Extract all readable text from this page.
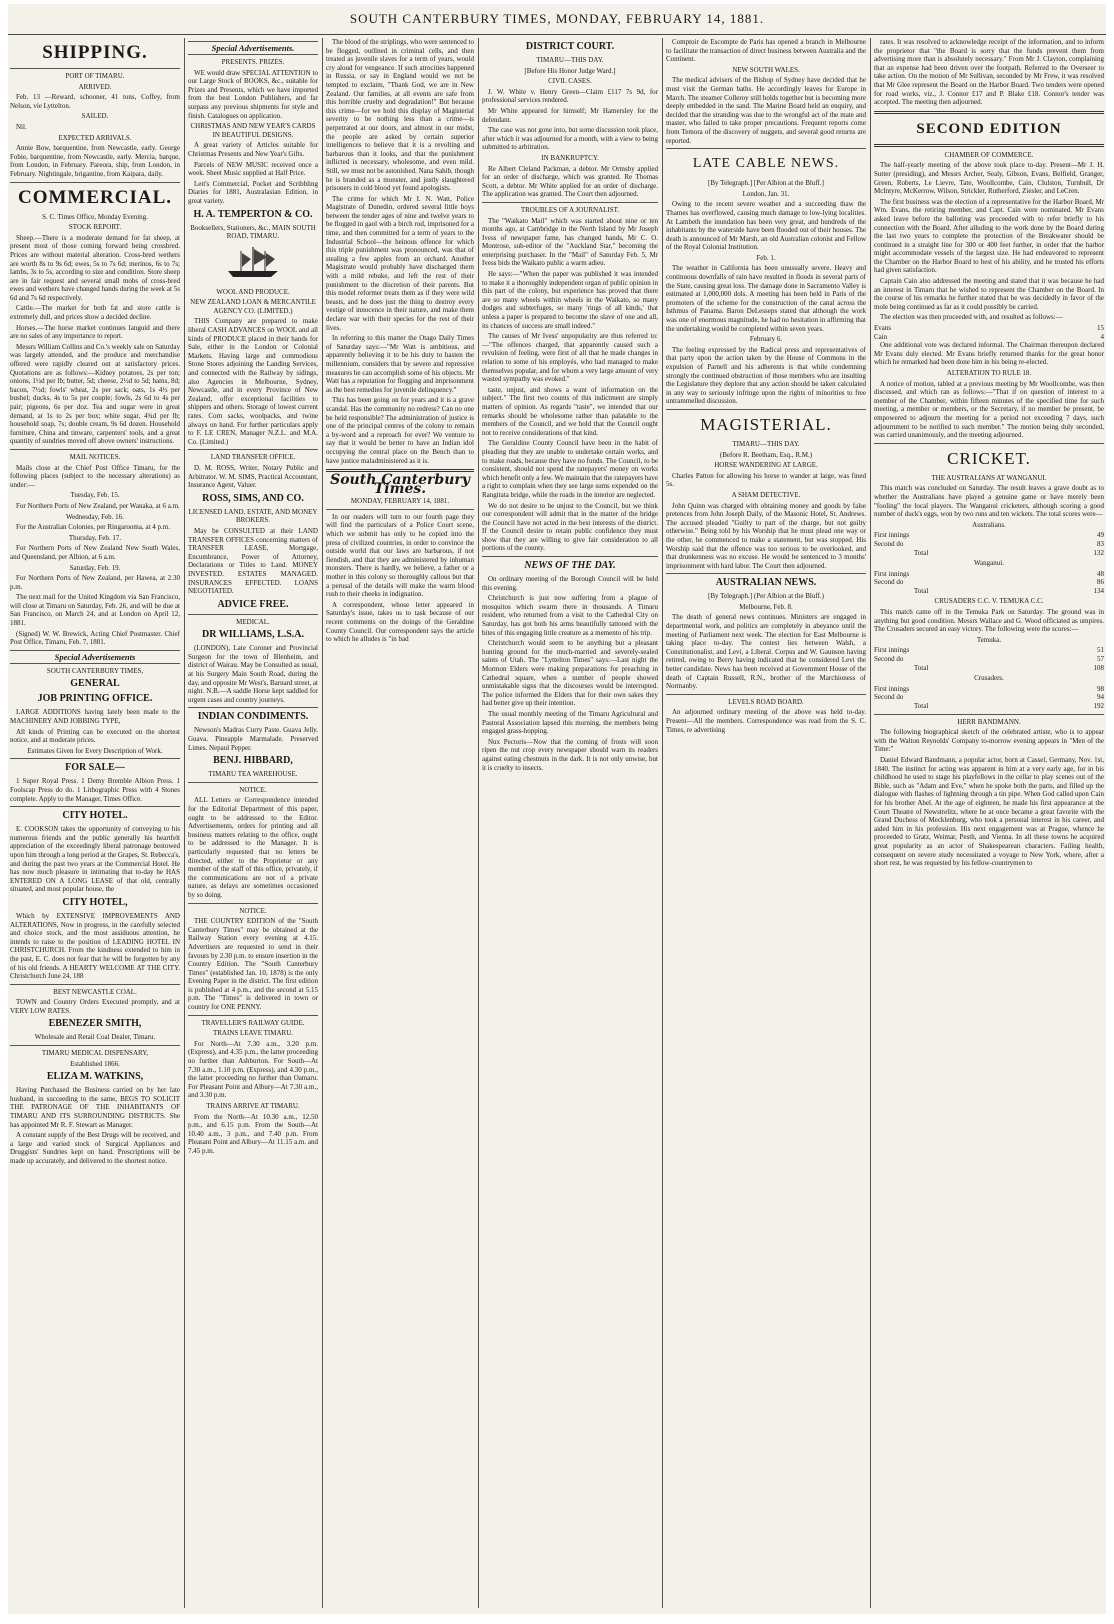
SOUTH CANTERBURY TIMES, MONDAY, FEBRUARY 14, 1881.
SHIPPING.
PORT OF TIMARU.
ARRIVED.

Feb. 13 —Reward, schooner, 41 tons, Coffey, from Nelson, vie Lyttelton.

SAILED.

Nil.

EXPECTED ARRIVALS.

Annie Bow, barquentine, from Newcastle, early. George Fobie, barquentine, from Newcastle, early. Mercia, barque, from London, in February. Pareora, ship, from London, in February. Nightingale, brigantine, from Kaipara, daily.

COMMERCIAL.
S. C. Times Office, Monday Evening.
STOCK REPORT.

Sheep.—There is a moderate demand for fat sheep, at present most of those coming forward being crossbred. Prices are without material alteration. Cross-bred wethers are worth 8s to 9s 6d; ewes, 5s to 7s 6d; merinos, 6s to 7s; lambs, 3s to 5s, according to size and condition. Store sheep are in fair request and several small mobs of cross-bred ewes and wethers have changed hands during the week at 5s 6d and 7s 6d respectively.

Cattle.—The market for both fat and store cattle is extremely dull, and prices show a decided decline.

Horses.—The horse market continues languid and there are no sales of any importance to report.

Messrs William Collins and Co.'s weekly sale on Saturday was largely attended, and the produce and merchandise offered were rapidly cleared out at satisfactory prices. Quotations are as follows:—Kidney potatoes, 2s per ton; onions, 1½d per lb; butter, 5d; cheese, 2½d to 5d; hams, 8d; bacon, 7½d; fowls' wheat, 2s per sack; oats, 1s 4½ per bushel; ducks, 4s to 5s per couple; fowls, 2s 6d to 4s per pair; pigeons, 6s per doz. Tea and sugar were in great demand, at 1s to 2s per box; white sugar, 4¾d per lb; household soap, 7s; double cream, 9s 6d dozen. Household furniture, China and tinware, carpenters' tools, and a great quantity of sundries moved off above owners' instructions.

MAIL NOTICES.

Mails close at the Chief Post Office Timaru, for the following places (subject to the necessary alterations) as under:—

Tuesday, Feb. 15.

For Northern Ports of New Zealand, per Wanaka, at 6 a.m.

Wednesday, Feb. 16.

For the Australian Colonies, per Ringarooma, at 4 p.m.

Thursday, Feb. 17.

For Northern Ports of New Zealand New South Wales, and Queensland, per Albion, at 6 a.m.

Saturday, Feb. 19.

For Northern Ports of New Zealand, per Hawea, at 2.30 p.m.

The next mail for the United Kingdom via San Francisco, will close at Timaru on Saturday, Feb. 26, and will be due at San Francisco, on March 24, and at London on April 12, 1881.

(Signed) W. W. Brewick, Acting Chief Postmaster. Chief Post Office, Timaru, Feb. 7, 1881.

Special Advertisements
SOUTH CANTERBURY TIMES,
GENERAL
JOB PRINTING OFFICE.

LARGE ADDITIONS having lately been made to the MACHINERY AND JOBBING TYPE,

All kinds of Printing can be executed on the shortest notice, and at moderate prices.

Estimates Given for Every Description of Work.
FOR SALE—

1 Super Royal Press. 1 Demy Bremble Albion Press. 1 Foolscap Press do do. 1 Lithographic Press with 4 Stones complete. Apply to the Manager, Times Office.

CITY HOTEL.

E. COOKSON takes the opportunity of conveying to his numerous friends and the public generally his heartfelt appreciation of the exceedingly liberal patronage bestowed upon him through a long period at the Grapes, St. Rebecca's, and during the past two years at the Commercial Hotel. He has now much pleasure in intimating that to-day he HAS ENTERED ON A LONG LEASE of that old, centrally situated, and most popular house, the

CITY HOTEL,

Which by EXTENSIVE IMPROVEMENTS AND ALTERATIONS, Now in progress, in the carefully selected and choice stock, and the most assiduous attention, he intends to raise to the position of LEADING HOTEL IN CHRISTCHURCH. From the kindness extended to him in the past, E. C. does not fear that he will be forgotten by any of his old friends. A HEARTY WELCOME AT THE CITY. Christchurch June 24, 188

BEST NEWCASTLE COAL.

TOWN and Country Orders Executed promptly, and at VERY LOW RATES.

EBENEZER SMITH,
Wholesale and Retail Coal Dealer, Timaru.
TIMARU MEDICAL DISPENSARY,
Established 1866.
ELIZA M. WATKINS,

Having Purchased the Business carried on by her late husband, in succeeding to the same, BEGS TO SOLICIT THE PATRONAGE OF THE INHABITANTS OF TIMARU AND ITS SURROUNDING DISTRICTS. She has appointed Mr R. F. Stewart as Manager.

A constant supply of the Best Drugs will be received, and a large and varied stock of Surgical Appliances and Druggists' Sundries kept on hand. Prescriptions will be made up accurately, and delivered to the shortest notice.

Special Advertisements.
PRESENTS. PRIZES.

WE would draw SPECIAL ATTENTION to our Large Stock of BOOKS, &c., suitable for Prizes and Presents, which we have imported from the best London Publishers, and far surpass any previous shipments for style and finish. Catalogues on application.

CHRISTMAS AND NEW YEAR'S CARDS IN BEAUTIFUL DESIGNS.

A great variety of Articles suitable for Christmas Presents and New Year's Gifts.

Parcels of NEW MUSIC received once a week. Sheet Music supplied at Half Price.

Lett's Commercial, Pocket and Scribbling Diaries for 1881, Australasian Edition, in great variety.

H. A. TEMPERTON & CO.
Booksellers, Stationers, &c., MAIN SOUTH ROAD, TIMARU.
WOOL AND PRODUCE.
NEW ZEALAND LOAN & MERCANTILE AGENCY CO. (LIMITED.)

THIS Company are prepared to make liberal CASH ADVANCES on WOOL and all kinds of PRODUCE placed in their hands for Sale, either in the London or Colonial Markets. Having large and commodious Stone Stores adjoining the Landing Services, and connected with the Railway by sidings, also Agencies in Melbourne, Sydney, Newcastle, and in every Province of New Zealand, offer exceptional facilities to shippers and others. Storage of lowest current rates. Corn sacks, woolpacks, and twine always on hand. For further particulars apply to F. LE CREN, Manager N.Z.L. and M.A. Co. (Limited.)

LAND TRANSFER OFFICE.

D. M. ROSS, Writer, Notary Public and Arbitrator. W. M. SIMS, Practical Accountant, Insurance Agent, Valuer.

ROSS, SIMS, AND CO.
LICENSED LAND, ESTATE, AND MONEY BROKERS.

May be CONSULTED at their LAND TRANSFER OFFICES concerning matters of TRANSFER LEASE, Mortgage, Encumbrance, Power of Attorney, Declarations or Titles to Land. MONEY INVESTED. ESTATES MANAGED. INSURANCES EFFECTED. LOANS NEGOTIATED.

ADVICE FREE.
MEDICAL.
DR WILLIAMS, L.S.A.

(LONDON), Late Coroner and Provincial Surgeon for the town of Blenheim, and district of Wairau. May be Consulted as usual, at his Surgery Main South Road, during the day, and opposite Mr West's, Barnard street, at night. N.B.—A saddle Horse kept saddled for urgent cases and country journeys.

INDIAN CONDIMENTS.

Newson's Madras Curry Paste. Guava Jelly. Guava. Pineapple Marmalade. Preserved Limes. Nepaul Pepper.

BENJ. HIBBARD,
TIMARU TEA WAREHOUSE.
NOTICE.

ALL Letters or Correspondence intended for the Editorial Department of this paper, ought to be addressed to the Editor. Advertisements, orders for printing and all business matters relating to the office, ought to be addressed to the Manager. It is particularly requested that no letters be directed, either to the Proprietor or any member of the staff of this office, privately, if the communications are not of a private nature, as delays are sometimes occasioned by so doing.

NOTICE.

THE COUNTRY EDITION of the "South Canterbury Times" may be obtained at the Railway Station every evening at 4.15. Advertisers are requested to send in their favours by 2.30 p.m. to ensure insertion in the Country Edition. The "South Canterbury Times" (established Jan. 10, 1878) is the only Evening Paper in the district. The first edition is published at 4 p.m., and the second at 5.15 p.m. The "Times" is delivered in town or country for ONE PENNY.

TRAVELLER'S RAILWAY GUIDE.
TRAINS LEAVE TIMARU.

For North—At 7.30 a.m., 3.20 p.m. (Express), and 4.35 p.m., the latter proceeding no further than Ashburton. For South—At 7.30 a.m., 1.10 p.m. (Express), and 4.30 p.m., the latter proceeding no further than Oamaru. For Pleasant Point and Albury—At 7.30 a.m., and 3.30 p.m.

TRAINS ARRIVE AT TIMARU.

From the North—At 10.30 a.m., 12.50 p.m., and 6.15 p.m. From the South—At 10.40 a.m., 3 p.m., and 7.40 p.m. From Pleasant Point and Albury—At 11.15 a.m. and 7.45 p.m.

The blood of the striplings, who were sentenced to be flogged, outlined in criminal cells, and then treated as juvenile slaves for a term of years, would cry aloud for vengeance. If such atrocities happened in Russia, or say in England would we not be tempted to exclaim, "Thank God, we are in New Zealand. Our families, at all events are safe from this horrible cruelty and degradation!" But because this crime—for we hold this display of Magisterial severity to be nothing less than a crime—is perpetrated at our doors, and almost in our midst, the people are asked by certain superior intelligences to believe that it is a revolting and barbarous than it looks, and that the punishment inflicted is necessary, wholesome, and even mild. Still, we must not be astonished. Nana Sahib, though he is branded as a monster, and justly slaughtered prisoners in cold blood yet found apologists.

The crime for which Mr I. N. Watt, Police Magistrate of Dunedin, ordered several little boys between the tender ages of nine and twelve years to be flogged in gaol with a birch rod, imprisoned for a time, and then committed for a term of years to the Industrial School—the heinous offence for which this triple punishment was pronounced, was that of stealing a few apples from an orchard. Another Magistrate would probably have discharged them with a mild rebuke, and left the rest of their punishment to the discretion of their parents. But this model reformer treats them as if they were wild beasts, and he does just the thing to destroy every vestige of innocence in their nature, and make them declare war with their species for the rest of their lives.

In referring to this matter the Otago Daily Times of Saturday says:—"Mr Watt is ambitious, and apparently believing it to be his duty to hasten the millennium, considers that by severe and repressive measures he can accomplish some of his objects. Mr Watt has a reputation for flogging and imprisonment as the best remedies for juvenile delinquency."

This has been going on for years and it is a grave scandal. Has the community no redress? Can no one be held responsible? The administration of justice is one of the principal centres of the colony to remain a by-word and a reproach for ever? We venture to say that it would be better to have an Indian idol occupying the central place on the Bench than to have justice maladministered as it is.

South Canterbury Times.
MONDAY, FEBRUARY 14, 1881.

In our readers will turn to our fourth page they will find the particulars of a Police Court scene, which we submit has only to be copied into the press of civilized countries, in order to convince the outside world that our laws are barbarous, if not fiendish, and that they are administered by inhuman monsters. There is hardly, we believe, a father or a mother in this colony so thoroughly callous but that a perusal of the details will make the warm blood rush to their cheeks in indignation.

A correspondent, whose letter appeared in Saturday's issue, takes us to task because of our recent comments on the doings of the Geraldine County Council. Our correspondent says the article to which he alludes is "in bad

DISTRICT COURT.
TIMARU—THIS DAY.
[Before His Honor Judge Ward.]
CIVIL CASES.

J. W. White v. Henry Green—Claim £117 7s 9d, for professional services rendered.

Mr White appeared for himself; Mr Hamersley for the defendant.

The case was not gone into, but some discussion took place, after which it was adjourned for a month, with a view to being submitted to arbitration.

IN BANKRUPTCY.

Re Albert Cleland Packman, a debtor. Mr Ormsby applied for an order of discharge, which was granted. Re Thomas Scott, a debtor. Mr White applied for an order of discharge. The application was granted. The Court then adjourned.

TROUBLES OF A JOURNALIST.

The "Waikato Mail" which was started about nine or ten months ago, at Cambridge in the North Island by Mr Joseph Ivess of newspaper fame, has changed hands, Mr C. O. Montrose, sub-editor of the "Auckland Star," becoming the enterprising purchaser. In the "Mail" of Saturday Feb. 5, Mr Ivess bids the Waikato public a warm adieu.

He says:—"When the paper was published it was intended to make it a thoroughly independent organ of public opinion in this part of the colony, but experience has proved that there are so many wheels within wheels in the Waikato, so many dodges and subterfuges, so many 'rings of all kinds,' that unless a paper is prepared to become the slave of one and all, its chances of success are small indeed."

The causes of Mr Ivess' unpopularity are thus referred to:—"The offences charged, that apparently caused such a revulsion of feeling, were first of all that he made changes in relation to some of his employés, who had managed to make themselves popular, and for whom a very large amount of very wasted sympathy was evoked."

taste, unjust, and shows a want of information on the subject." The first two counts of this indictment are simply matters of opinion. As regards "taste", we intended that our remarks should be wholesome rather than palatable to the members of the Council, and we hold that the Council ought not to receive considerations of that kind.

The Geraldine County Council have been in the habit of pleading that they are unable to undertake certain works, and to make roads, because they have no funds. The Council, to be consistent, should not spend the ratepayers' money on works which benefit only a few. We maintain that the ratepayers have a right to complain when they see large sums expended on the Rangitata bridge, while the roads in the interior are neglected.

We do not desire to be unjust to the Council, but we think our correspondent will admit that in the matter of the bridge the Council have not acted in the best interests of the district. If the Council desire to retain public confidence they must show that they are willing to give fair consideration to all portions of the county.

NEWS OF THE DAY.

On ordinary meeting of the Borough Council will be held this evening.

Christchurch is just now suffering from a plague of mosquitos which swarm there in thousands. A Timaru resident, who returned from a visit to the Cathedral City on Saturday, has got both his arms beautifully tattooed with the bites of this engaging little creature as a memento of his trip.

Christchurch would seem to be anything but a pleasant hunting ground for the much-married and severely-sealed saints of Utah. The "Lyttelton Times" says:—Last night the Mormon Elders were making preparations for preaching in Cathedral square, when a number of people showed unmistakable signs that the discourses would be interrupted. The police informed the Elders that for their own sakes they had better give up their intention.

The usual monthly meeting of the Timaru Agricultural and Pastoral Association lapsed this morning, the members being engaged grass-hopping.

Nux Pectoris—Now that the coming of frosts will soon ripen the nut crop every newspaper should warn its readers against eating chestnuts in the dark. It is not only unwise, but it is cruelty to insects.

Comptoir de Escompte de Paris has opened a branch in Melbourne to facilitate the transaction of direct business between Australia and the Continent.

NEW SOUTH WALES.

The medical advisers of the Bishop of Sydney have decided that he must visit the German baths. He accordingly leaves for Europe in March. The steamer Colleroy still holds together but is becoming more deeply embedded in the sand. The Marine Board held an enquiry, and decided that the stranding was due to the wrongful act of the mate and master, who failed to take proper precautions. Frequent reports come from Temora of the discovery of nuggets, and several good returns are reported.

LATE CABLE NEWS.
[By Telegraph.] [Per Albion at the Bluff.]
London, Jan. 31.

Owing to the recent severe weather and a succeeding thaw the Thames has overflowed, causing much damage to low-lying localities. At Lambeth the inundation has been very great, and hundreds of the inhabitants by the waterside have been flooded out of their houses. The death is announced of Mr Marsh, an old Australian colonist and Fellow of the Royal Colonial Institution.

Feb. 1.

The weather in California has been unusually severe. Heavy and continuous downfalls of rain have resulted in floods in several parts of the State, causing great loss. The damage done in Sacramento Valley is estimated at 1,000,000 dols. A meeting has been held in Paris of the promoters of the scheme for the construction of the canal across the Isthmus of Panama. Baron DeLesseps stated that although the work was one of enormous magnitude, he had no hesitation in affirming that the undertaking would be completed within seven years.

February 6.

The feeling expressed by the Radical press and representatives of that party upon the action taken by the House of Commons in the expulsion of Parnell and his adherents is that while condemning strongly the continued obstruction of those members who are insulting the Legislature they deplore that any action should be taken calculated in any way to seriously infringe upon the rights of minorities to free untrammelled discussion.

MAGISTERIAL.
TIMARU—THIS DAY.
(Before R. Beetham, Esq., R.M.)
HORSE WANDERING AT LARGE.

Charles Patton for allowing his horse to wander at large, was fined 5s.

A SHAM DETECTIVE.

John Quinn was charged with obtaining money and goods by false pretences from John Joseph Daily, of the Masonic Hotel, St. Andrews. The accused pleaded "Guilty to part of the charge, but not guilty otherwise." Being told by his Worship that he must plead one way or the other, he commenced to make a statement, but was stopped. His Worship said that the offence was too serious to be overlooked, and that drunkenness was no excuse. He would be sentenced to 3 months' imprisonment with hard labor. The Court then adjourned.

AUSTRALIAN NEWS.
[By Telegraph.] (Per Albion at the Bluff.)
Melbourne, Feb. 8.

The death of general news continues. Ministers are engaged in departmental work, and politics are completely in abeyance until the meeting of Parliament next week. The election for East Melbourne is taking place to-day. The contest lies between Walsh, a Constitutionalist, and Levi, a Liberal. Corpus and W. Gaunson having retired, owing to Berry having indicated that he considered Levi the better candidate. News has been received at Government House of the death of Captain Russell, R.N., brother of the Marchioness of Normanby.

LEVELS ROAD BOARD.

An adjourned ordinary meeting of the above was held to-day. Present—All the members. Correspondence was read from the S. C. Times, re advertising

rates. It was resolved to acknowledge receipt of the information, and to inform the proprietor that "the Board is sorry that the funds prevent them from advertising more than is absolutely necessary." From Mr J. Clayton, complaining that an expense had been driven over the footpath. Referred to the Overseer to take action. On the motion of Mr Sullivan, seconded by Mr Frew, it was resolved that Mr Glee represent the Board on the Harbor Board. Two tenders were opened for road works, viz., J. Connor £17 and P. Blake £18. Connor's tender was accepted. The meeting then adjourned.

SECOND EDITION
CHAMBER OF COMMERCE.

The half-yearly meeting of the above took place to-day. Present—Mr J. H. Sutter (presiding), and Messrs Archer, Sealy, Gibson, Evans, Belfield, Granger, Green, Roberts, Le Lievre, Tate, Woollcombe, Cain, Clulston, Turnbull, Dr McIntyre, McKerrow, Wilson, Strickler, Rutherford, Ziesler, and LeCren.

The first business was the election of a representative for the Harbor Board, Mr Wm. Evans, the retiring member, and Capt. Cain were nominated. Mr Evans asked leave before the balloting was proceeded with to refer briefly to his connection with the Board. After alluding to the work done by the Board during the last two years to complete the protection of the Breakwater should be continued in a straight line for 300 or 400 feet further, in order that the harbor might accommodate vessels of the largest size. He had endeavored to represent the Chamber on the Harbor Board to best of his ability, and he trusted his efforts had given satisfaction.

Captain Cain also addressed the meeting and stated that it was because he had an interest in Timaru that he wished to represent the Chamber on the Board. In the course of his remarks he further stated that he was decidedly in favor of the mole being continued as far as it could possibly be carried.

The election was then proceeded with, and resulted as follows:—

Evans	15
Cain	4

One additional vote was declared informal. The Chairman thereupon declared Mr Evans duly elected. Mr Evans briefly returned thanks for the great honor which he remarked had been done him in his being re-elected.

ALTERATION TO RULE 18.

A notice of motion, tabled at a previous meeting by Mr Woollcombe, was then discussed, and which ran as follows:—"That if on question of interest to a member of the Chamber, within fifteen minutes of the specified time for such meeting, a member or members, or the Secretary, if no member be present, be empowered to adjourn the meeting for a period not exceeding 7 days, such adjournment to be notified to each member." The motion being duly seconded, was carried unanimously, and the meeting adjourned.

CRICKET.
THE AUSTRALIANS AT WANGANUI.

This match was concluded on Saturday. The result leaves a grave doubt as to whether the Australians have played a genuine game or have merely been "fooling" the local players. The Wanganui cricketers, although scoring a good number of duck's eggs, won by two runs and ten wickets. The total scores were—

Australians.
First innings	49
Second do	83
Total	132
Wanganui.
First innings	48
Second do	86
Total	134
CRUSADERS C.C. V. TEMUKA C.C.

This match came off in the Temuka Park on Saturday. The ground was in anything but good condition. Messrs Wallace and G. Wood officiated as umpires. The Crusaders secured an easy victory. The following were the scores:—

Temuka.
First innings	51
Second do	57
Total	108
Crusaders.
First innings	98
Second do	94
Total	192
HERR BANDMANN.

The following biographical sketch of the celebrated artiste, who is to appear with the Walton Reynolds' Company to-morrow evening appears in "Men of the Time:"

Daniel Edward Bandmann, a popular actor, born at Cassel, Germany, Nov. 1st, 1840. The instinct for acting was apparent in him at a very early age, for in his childhood he used to stage his playfellows in the cellar to play scenes out of the Bible, such as "Adam and Eve," when he spoke both the parts, and filled up the dialogue with flashes of lightning through a tin pipe. When God called upon Cain for his brother Abel. At the age of eighteen, he made his first appearance at the Court Theatre of Newstrelitz, where he at once became a great favorite with the Grand Duchess of Mecklenburg, who took a personal interest in his career, and aided him in his profession. His next engagement was at Prague, whence he proceeded to Gratz, Weimar, Pesth, and Vienna. In all these towns he acquired great popularity as an actor of Shakespearean characters. Failing health, consequent on severe study necessitated a voyage to New York, where, after a short rest, he was requested by his fellow-countrymen to
